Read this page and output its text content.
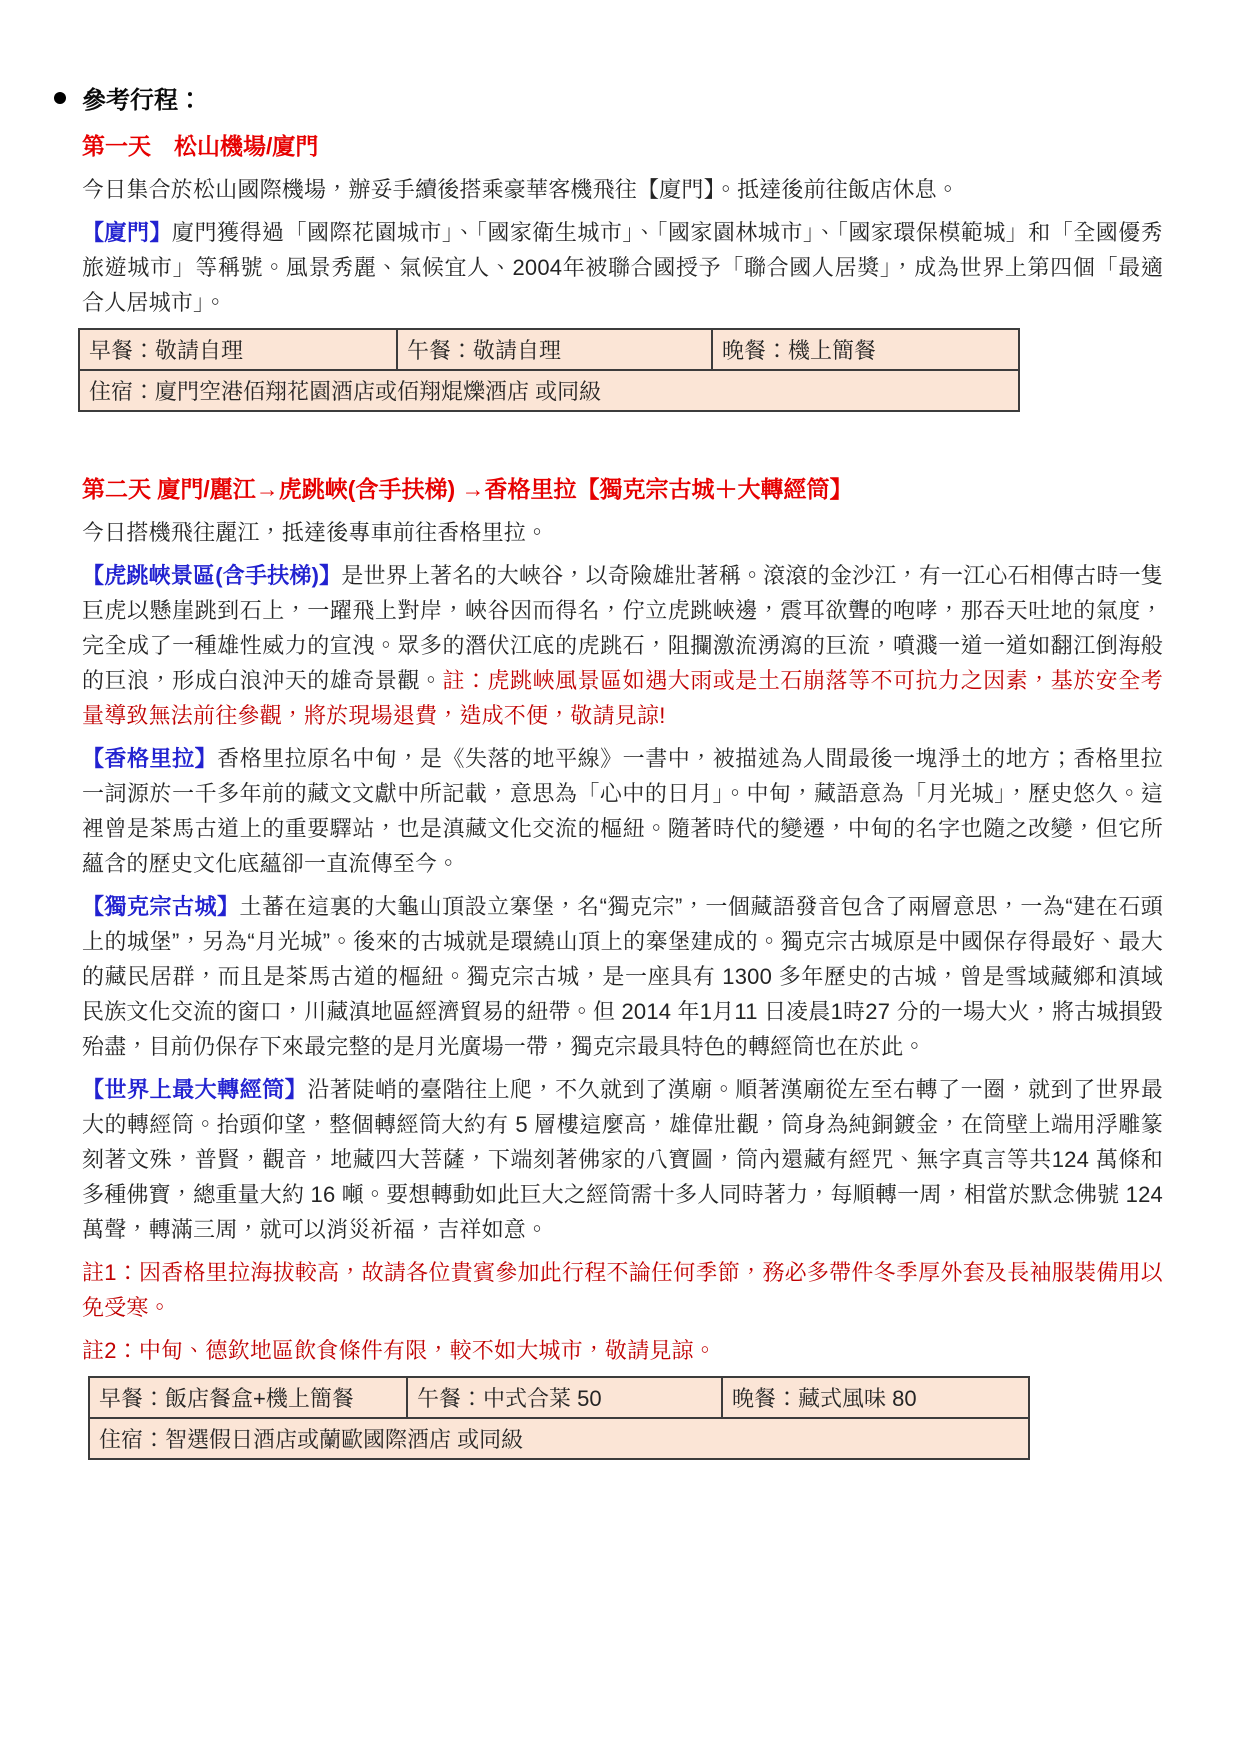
參考行程：
第一天　松山機場/廈門

今日集合於松山國際機場，辦妥手續後搭乘豪華客機飛往【廈門】。抵達後前往飯店休息。

【廈門】廈門獲得過「國際花園城市」、「國家衛生城市」、「國家園林城市」、「國家環保模範城」和「全國優秀旅遊城市」等稱號。風景秀麗、氣候宜人、2004年被聯合國授予「聯合國人居獎」，成為世界上第四個「最適合人居城市」。

早餐：敬請自理	午餐：敬請自理	晚餐：機上簡餐
住宿：廈門空港佰翔花園酒店或佰翔焜爍酒店 或同級
第二天 廈門/麗江→虎跳峽(含手扶梯) →香格里拉【獨克宗古城＋大轉經筒】

今日搭機飛往麗江，抵達後專車前往香格里拉。

【虎跳峽景區(含手扶梯)】是世界上著名的大峽谷，以奇險雄壯著稱。滾滾的金沙江，有一江心石相傳古時一隻巨虎以懸崖跳到石上，一躍飛上對岸，峽谷因而得名，佇立虎跳峽邊，震耳欲聾的咆哮，那吞天吐地的氣度，完全成了一種雄性威力的宣洩。眾多的潛伏江底的虎跳石，阻攔激流湧瀉的巨流，噴濺一道一道如翻江倒海般的巨浪，形成白浪沖天的雄奇景觀。註：虎跳峽風景區如遇大雨或是土石崩落等不可抗力之因素，基於安全考量導致無法前往參觀，將於現場退費，造成不便，敬請見諒!

【香格里拉】香格里拉原名中甸，是《失落的地平線》一書中，被描述為人間最後一塊淨土的地方；香格里拉一詞源於一千多年前的藏文文獻中所記載，意思為「心中的日月」。中甸，藏語意為「月光城」，歷史悠久。這裡曾是茶馬古道上的重要驛站，也是滇藏文化交流的樞紐。隨著時代的變遷，中甸的名字也隨之改變，但它所蘊含的歷史文化底蘊卻一直流傳至今。

【獨克宗古城】土蕃在這裏的大龜山頂設立寨堡，名“獨克宗”，一個藏語發音包含了兩層意思，一為“建在石頭上的城堡”，另為“月光城”。後來的古城就是環繞山頂上的寨堡建成的。獨克宗古城原是中國保存得最好、最大的藏民居群，而且是茶馬古道的樞紐。獨克宗古城，是一座具有 1300 多年歷史的古城，曾是雪域藏鄉和滇域民族文化交流的窗口，川藏滇地區經濟貿易的紐帶。但 2014 年1月11 日凌晨1時27 分的一場大火，將古城損毀殆盡，目前仍保存下來最完整的是月光廣場一帶，獨克宗最具特色的轉經筒也在於此。

【世界上最大轉經筒】沿著陡峭的臺階往上爬，不久就到了漢廟。順著漢廟從左至右轉了一圈，就到了世界最大的轉經筒。抬頭仰望，整個轉經筒大約有 5 層樓這麼高，雄偉壯觀，筒身為純銅鍍金，在筒壁上端用浮雕篆刻著文殊，普賢，觀音，地藏四大菩薩，下端刻著佛家的八寶圖，筒內還藏有經咒、無字真言等共124 萬條和多種佛寶，總重量大約 16 噸。要想轉動如此巨大之經筒需十多人同時著力，每順轉一周，相當於默念佛號 124 萬聲，轉滿三周，就可以消災祈福，吉祥如意。

註1：因香格里拉海拔較高，故請各位貴賓參加此行程不論任何季節，務必多帶件冬季厚外套及長袖服裝備用以免受寒。

註2：中甸、德欽地區飲食條件有限，較不如大城市，敬請見諒。

早餐：飯店餐盒+機上簡餐	午餐：中式合菜 50	晚餐：藏式風味 80
住宿：智選假日酒店或蘭歐國際酒店 或同級
